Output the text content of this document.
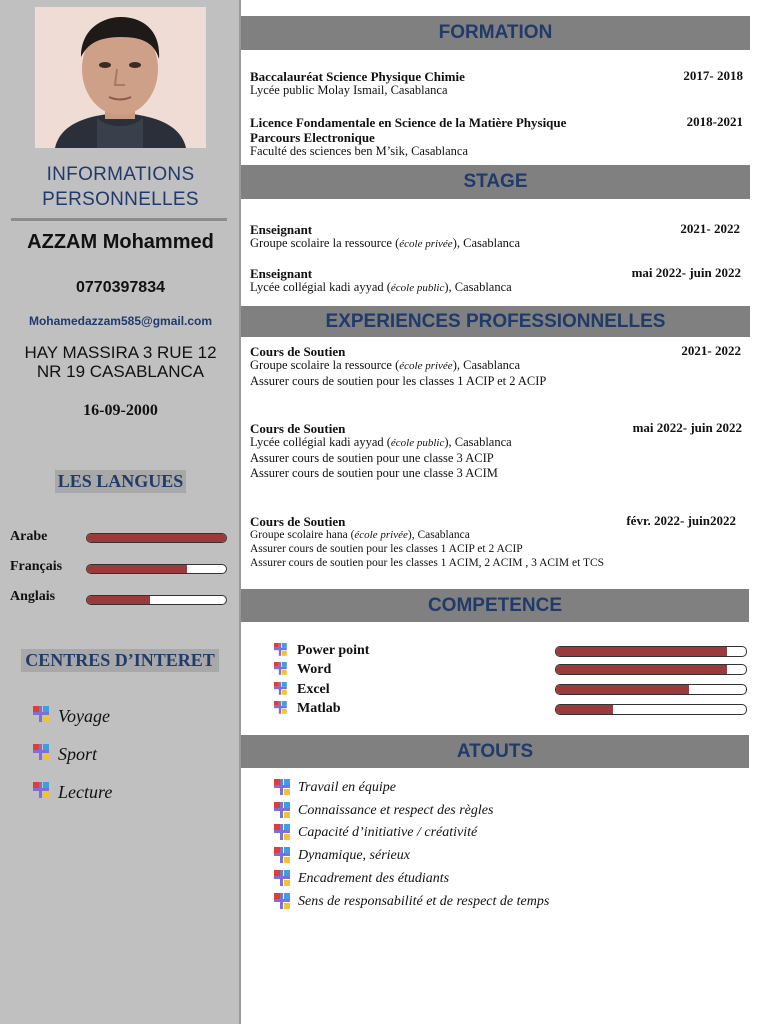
INFORMATIONS
PERSONNELLES
AZZAM Mohammed
0770397834
Mohamedazzam585@gmail.com
HAY MASSIRA 3 RUE 12
NR 19 CASABLANCA
16-09-2000
LES LANGUES
Arabe
Français
Anglais
CENTRES D’INTERET
Voyage
Sport
Lecture
FORMATION
Baccalauréat Science Physique Chimie	2017- 2018
Lycée public Molay Ismail, Casablanca
Licence Fondamentale en Science de la Matière Physique	2018-2021
Parcours Electronique
Faculté des sciences ben M’sik, Casablanca
STAGE
Enseignant	2021- 2022
Groupe scolaire la ressource (école privée), Casablanca
Enseignant	mai 2022- juin 2022
Lycée collégial kadi ayyad (école public), Casablanca
EXPERIENCES PROFESSIONNELLES
Cours de Soutien	2021- 2022
Groupe scolaire la ressource (école privée), Casablanca
Assurer cours de soutien pour les classes 1 ACIP et 2 ACIP
Cours de Soutien	mai 2022- juin 2022
Lycée collégial kadi ayyad (école public), Casablanca
Assurer cours de soutien pour une classe 3 ACIP
Assurer cours de soutien pour une classe 3 ACIM
Cours de Soutien	févr. 2022- juin2022
Groupe scolaire hana (école privée), Casablanca
Assurer cours de soutien pour les classes 1 ACIP et 2 ACIP
Assurer cours de soutien pour les classes 1 ACIM, 2 ACIM , 3 ACIM et TCS
COMPETENCE
Power point
Word
Excel
Matlab
ATOUTS
Travail en équipe
Connaissance et respect des règles
Capacité d’initiative / créativité
Dynamique, sérieux
Encadrement des étudiants
Sens de responsabilité et de respect de temps
